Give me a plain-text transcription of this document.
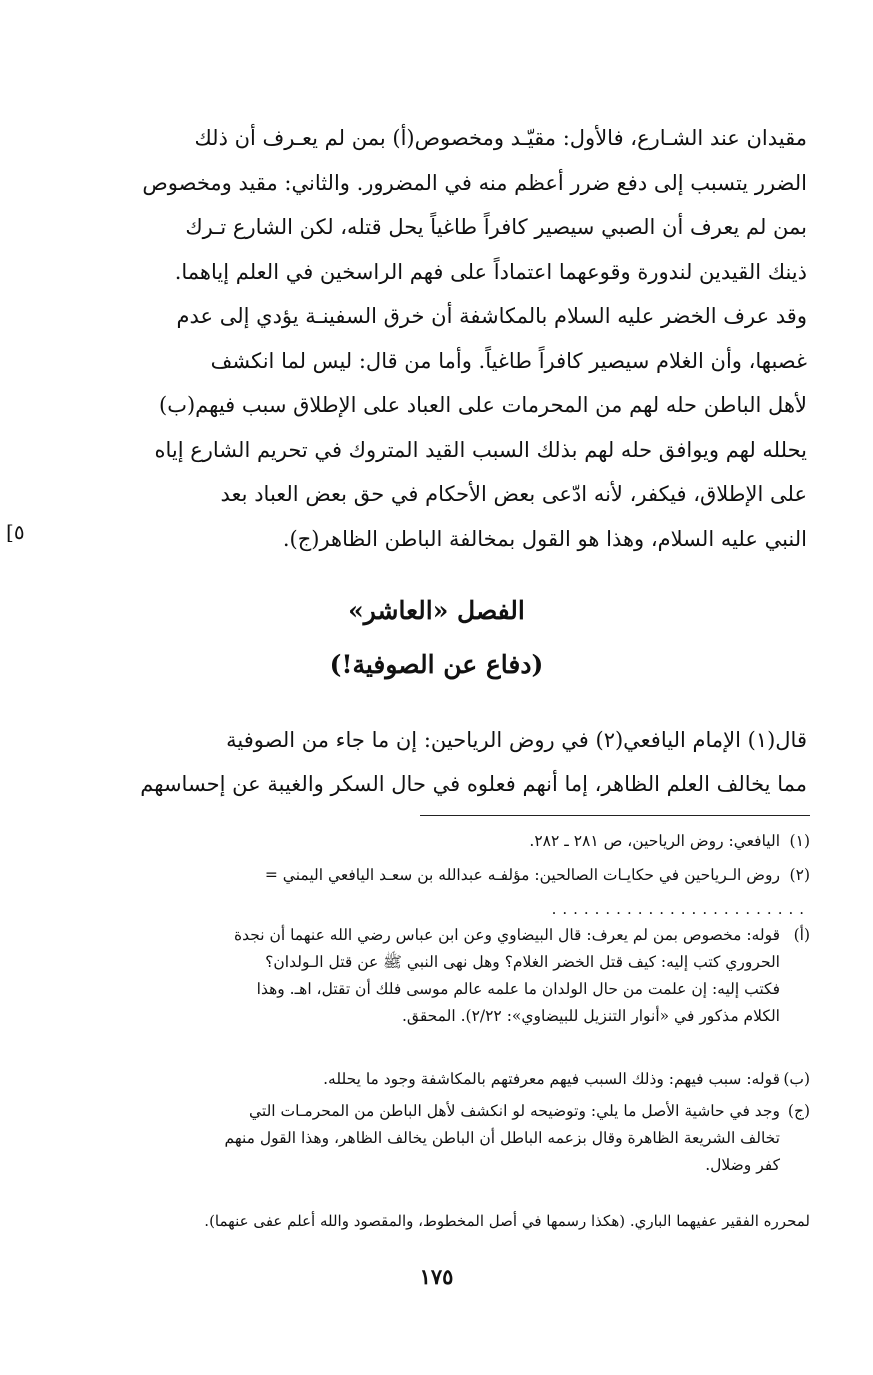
[٥
مقيدان عند الشـارع، فالأول: مقيّـد ومخصوص(أ) بمن لم يعـرف أن ذلك
الضرر يتسبب إلى دفع ضرر أعظم منه في المضرور. والثاني: مقيد ومخصوص
بمن لم يعرف أن الصبي سيصير كافراً طاغياً يحل قتله، لكن الشارع تـرك
ذينك القيدين لندورة وقوعهما اعتماداً على فهم الراسخين في العلم إياهما.
وقد عرف الخضر عليه السلام بالمكاشفة أن خرق السفينـة يؤدي إلى عدم
غصبها، وأن الغلام سيصير كافراً طاغياً. وأما من قال: ليس لما انكشف
لأهل الباطن حله لهم من المحرمات على العباد على الإطلاق سبب فيهم(ب)
يحلله لهم ويوافق حله لهم بذلك السبب القيد المتروك في تحريم الشارع إياه
على الإطلاق، فيكفر، لأنه ادّعى بعض الأحكام في حق بعض العباد بعد
النبي عليه السلام، وهذا هو القول بمخالفة الباطن الظاهر(ج).
الفصل «العاشر»
(دفاع عن الصوفية!)
قال(١) الإمام اليافعي(٢) في روض الرياحين: إن ما جاء من الصوفية
مما يخالف العلم الظاهر، إما أنهم فعلوه في حال السكر والغيبة عن إحساسهم
(١)
اليافعي: روض الرياحين، ص ٢٨١ ـ ٢٨٢.
(٢)
روض الـرياحين في حكايـات الصالحين: مؤلفـه عبدالله بن سعـد اليافعي اليمني =
........................
(أ)
قوله: مخصوص بمن لم يعرف: قال البيضاوي وعن ابن عباس رضي الله عنهما أن نجدة
الحروري كتب إليه: كيف قتل الخضر الغلام؟ وهل نهى النبي ﷺ عن قتل الـولدان؟
فكتب إليه: إن علمت من حال الولدان ما علمه عالم موسى فلك أن تقتل، اهـ. وهذا
الكلام مذكور في «أنوار التنزيل للبيضاوي»: ٢/٢٢). المحقق.
(ب)
قوله: سبب فيهم: وذلك السبب فيهم معرفتهم بالمكاشفة وجود ما يحلله.
(ج)
وجد في حاشية الأصل ما يلي: وتوضيحه لو انكشف لأهل الباطن من المحرمـات التي
تخالف الشريعة الظاهرة وقال بزعمه الباطل أن الباطن يخالف الظاهر، وهذا القول منهم
كفر وضلال.
لمحرره الفقير عفيهما الباري. (هكذا رسمها في أصل المخطوط، والمقصود والله أعلم عفى عنهما).
١٧٥
